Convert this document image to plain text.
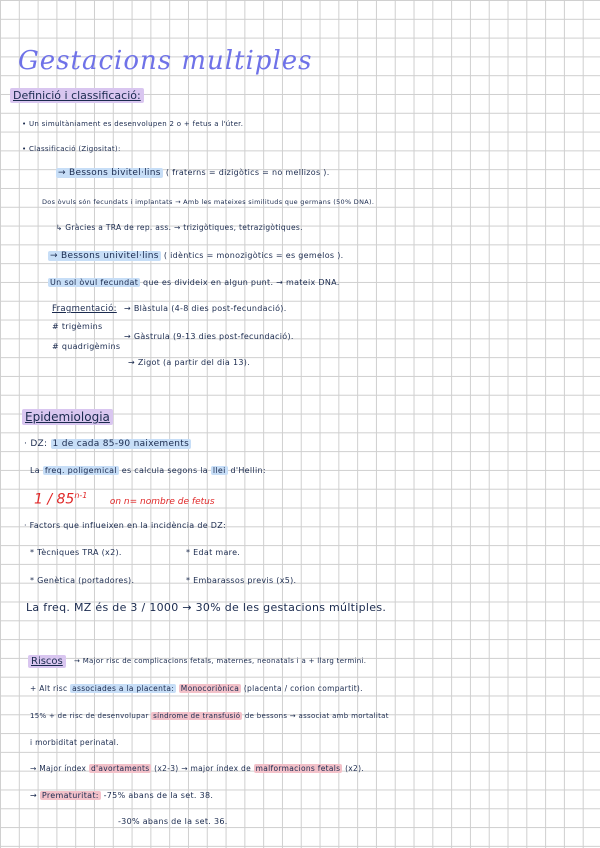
Gestacions multiples
Definició i classificació:
• Un simultàniament es desenvolupen 2 o + fetus a l'úter.
• Classificació (Zigositat):
→ Bessons bivitel·lins ( fraterns = dizigòtics = no mellizos ).
Dos òvuls són fecundats i implantats → Amb les mateixes similituds que germans (50% DNA).
↳ Gràcies a TRA de rep. ass. → trizigòtiques, tetrazigòtiques.
→ Bessons univitel·lins ( idèntics = monozigòtics = es gemelos ).
Un sol òvul fecundat que es divideix en algun punt. → mateix DNA.
Fragmentació: → Blàstula (4-8 dies post-fecundació).
# trigèmins
→ Gàstrula (9-13 dies post-fecundació).
# quadrigèmins
→ Zigot (a partir del dia 13).
Epidemiologia
· DZ: 1 de cada 85-90 naixements
La freq. poligemical es calcula segons la llei d'Hellin:
1 / 85$^{n-1}$ on n= nombre de fetus
· Factors que influeixen en la incidència de DZ:
* Tècniques TRA (x2).	* Edat mare.
* Genètica (portadores).	* Embarassos previs (x5).
La freq. MZ és de 3 / 1000 → 30% de les gestacions múltiples.
Riscos	→ Major risc de complicacions fetals, maternes, neonatals i a + llarg termini.
+ Alt risc associades a la placenta: Monocoriònica (placenta / corion compartit).
15% + de risc de desenvolupar síndrome de transfusió de bessons → associat amb mortalitat
i morbiditat perinatal.
→ Major índex d'avortaments (x2-3) → major índex de malformacions fetals (x2).
→ Prematuritat: -75% abans de la set. 38.
-30% abans de la set. 36.
